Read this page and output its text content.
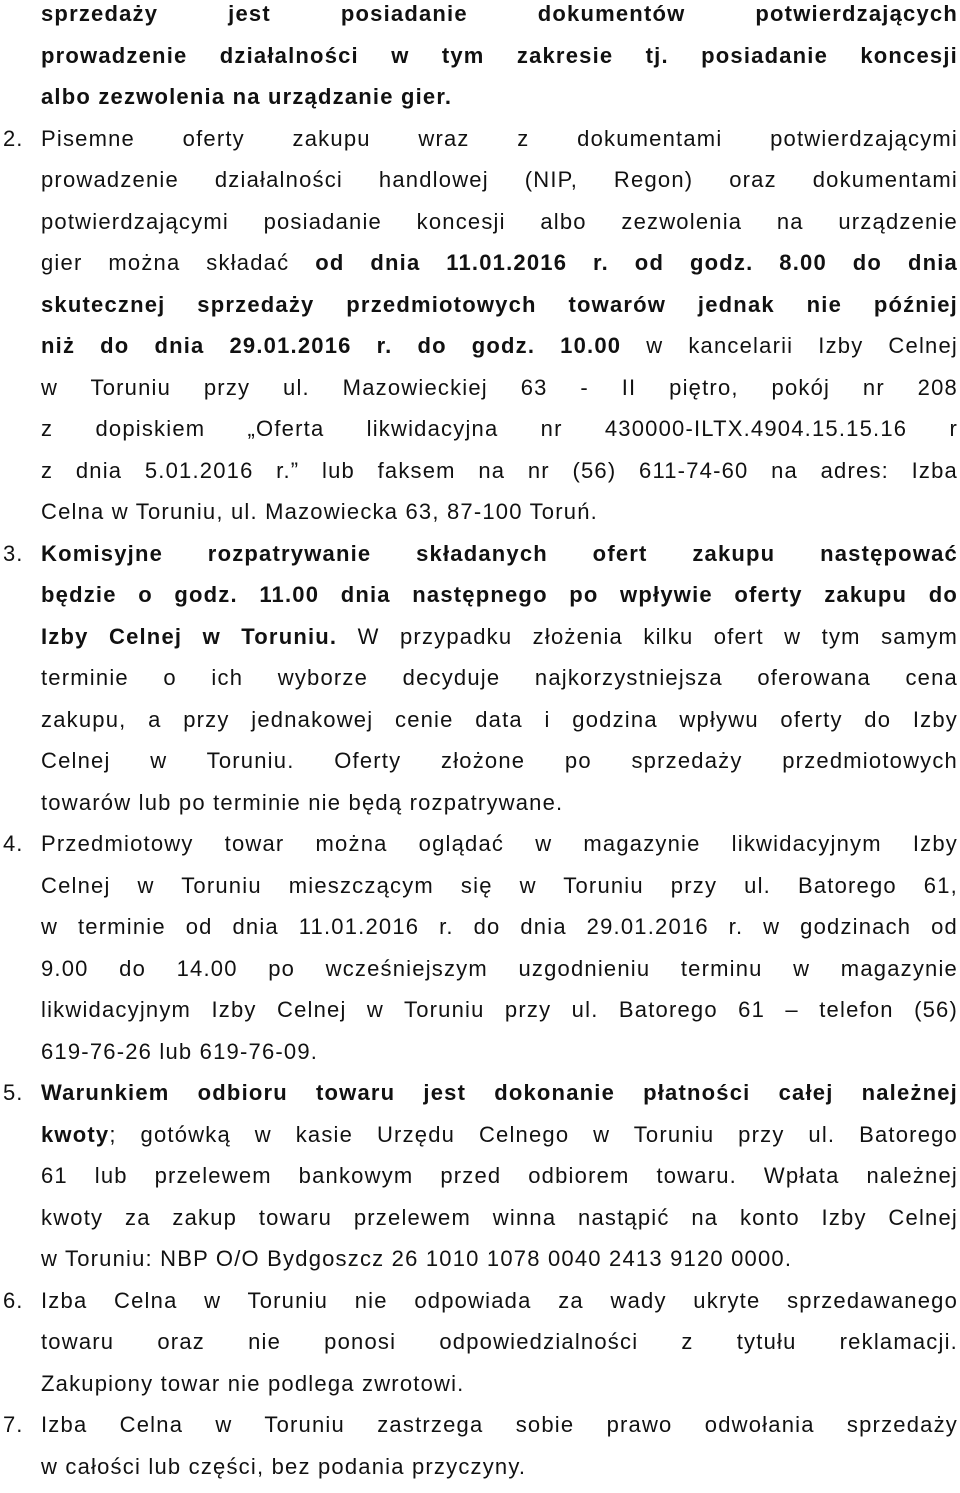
sprzedaży jest posiadanie dokumentów potwierdzających
prowadzenie działalności w tym zakresie tj. posiadanie koncesji
albo zezwolenia na urządzanie gier.
2. Pisemne oferty zakupu wraz z dokumentami potwierdzającymi
prowadzenie działalności handlowej (NIP, Regon) oraz dokumentami
potwierdzającymi posiadanie koncesji albo zezwolenia na urządzenie
gier można składać od dnia 11.01.2016 r. od godz. 8.00 do dnia
skutecznej sprzedaży przedmiotowych towarów jednak nie później
niż do dnia 29.01.2016 r. do godz. 10.00 w kancelarii Izby Celnej
w Toruniu przy ul. Mazowieckiej 63 - II piętro, pokój nr 208
z dopiskiem „Oferta likwidacyjna nr 430000-ILTX.4904.15.15.16 r
z dnia 5.01.2016 r.” lub faksem na nr (56) 611-74-60 na adres: Izba
Celna w Toruniu, ul. Mazowiecka 63, 87-100 Toruń.
3. Komisyjne rozpatrywanie składanych ofert zakupu następować
będzie o godz. 11.00 dnia następnego po wpływie oferty zakupu do
Izby Celnej w Toruniu. W przypadku złożenia kilku ofert w tym samym
terminie o ich wyborze decyduje najkorzystniejsza oferowana cena
zakupu, a przy jednakowej cenie data i godzina wpływu oferty do Izby
Celnej w Toruniu. Oferty złożone po sprzedaży przedmiotowych
towarów lub po terminie nie będą rozpatrywane.
4. Przedmiotowy towar można oglądać w magazynie likwidacyjnym Izby
Celnej w Toruniu mieszczącym się w Toruniu przy ul. Batorego 61,
w terminie od dnia 11.01.2016 r. do dnia 29.01.2016 r. w godzinach od
9.00 do 14.00 po wcześniejszym uzgodnieniu terminu w magazynie
likwidacyjnym Izby Celnej w Toruniu przy ul. Batorego 61 – telefon (56)
619-76-26 lub 619-76-09.
5. Warunkiem odbioru towaru jest dokonanie płatności całej należnej
kwoty; gotówką w kasie Urzędu Celnego w Toruniu przy ul. Batorego
61 lub przelewem bankowym przed odbiorem towaru. Wpłata należnej
kwoty za zakup towaru przelewem winna nastąpić na konto Izby Celnej
w Toruniu: NBP O/O Bydgoszcz 26 1010 1078 0040 2413 9120 0000.
6. Izba Celna w Toruniu nie odpowiada za wady ukryte sprzedawanego
towaru oraz nie ponosi odpowiedzialności z tytułu reklamacji.
Zakupiony towar nie podlega zwrotowi.
7. Izba Celna w Toruniu zastrzega sobie prawo odwołania sprzedaży
w całości lub części, bez podania przyczyny.
